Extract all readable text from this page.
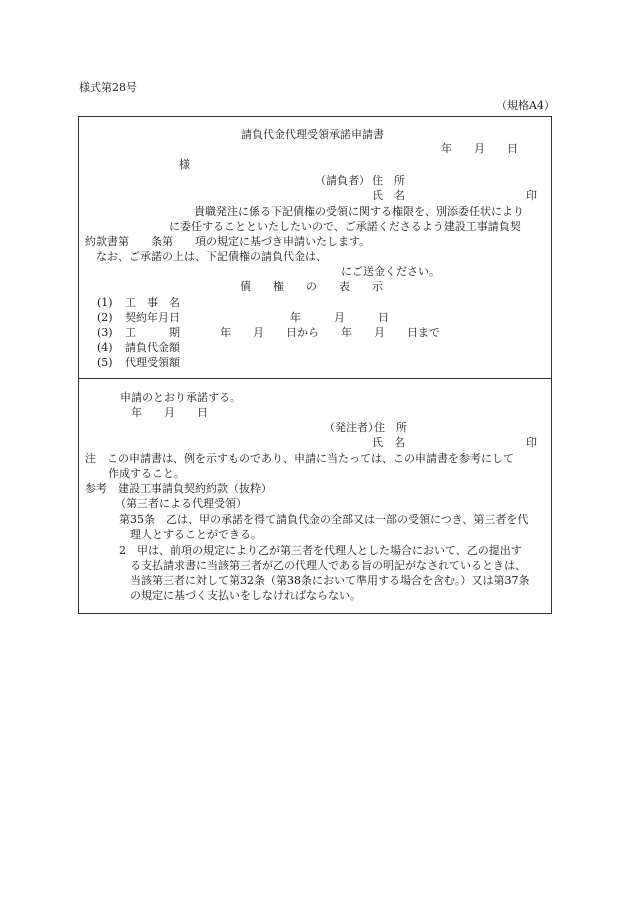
様式第28号
（規格A4）
請負代金代理受領承諾申請書
年　　月　　日
様
（請負者） 住　所
氏　名	印
貴職発注に係る下記債権の受領に関する権限を、別添委任状により
に委任することといたしたいので、ご承諾くださるよう建設工事請負契
約款書第　　条第　　項の規定に基づき申請いたします。
なお、ご承諾の上は、下記債権の請負代金は、
にご送金ください。
債　　権　　の　　表　　示
(1) 工　事　名
(2) 契約年月日	年　　　月　　　日
(3) 工　　　期	年　　月　　日から　　年　　月　　日まで
(4) 請負代金額
(5) 代理受領額
申請のとおり承諾する。
年　　月　　日
（発注者）
住　所
氏　名	印
注　この申請書は、例を示すものであり、申請に当たっては、この申請書を参考にして
作成すること。
参考　建設工事請負契約約款（抜粋）
（第三者による代理受領）
第35条　乙は、甲の承諾を得て請負代金の全部又は一部の受領につき、第三者を代
理人とすることができる。
2　甲は、前項の規定により乙が第三者を代理人とした場合において、乙の提出す
る支払請求書に当該第三者が乙の代理人である旨の明記がなされているときは、
当該第三者に対して第32条（第38条において準用する場合を含む。）又は第37条
の規定に基づく支払いをしなければならない。
